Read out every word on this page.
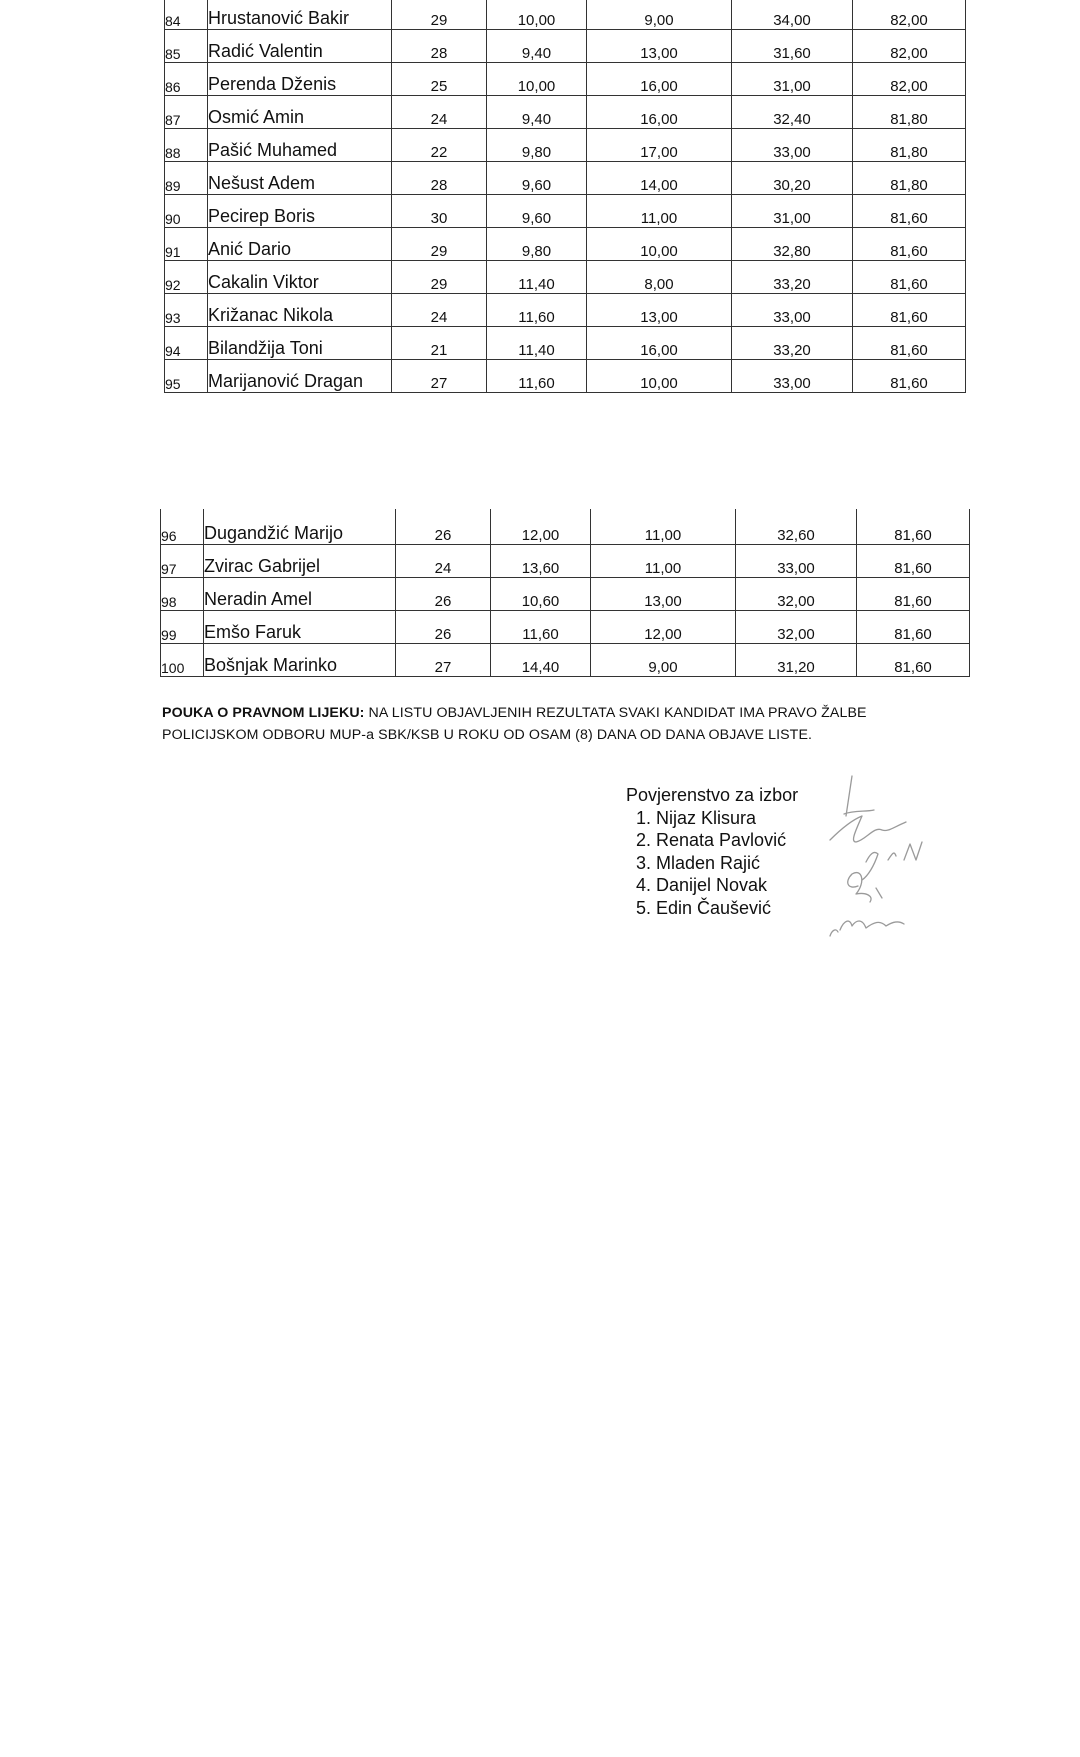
84	Hrustanović Bakir	29	10,00	9,00	34,00	82,00
85	Radić Valentin	28	9,40	13,00	31,60	82,00
86	Perenda Dženis	25	10,00	16,00	31,00	82,00
87	Osmić Amin	24	9,40	16,00	32,40	81,80
88	Pašić Muhamed	22	9,80	17,00	33,00	81,80
89	Nešust Adem	28	9,60	14,00	30,20	81,80
90	Pecirep Boris	30	9,60	11,00	31,00	81,60
91	Anić Dario	29	9,80	10,00	32,80	81,60
92	Cakalin Viktor	29	11,40	8,00	33,20	81,60
93	Križanac Nikola	24	11,60	13,00	33,00	81,60
94	Bilandžija Toni	21	11,40	16,00	33,20	81,60
95	Marijanović Dragan	27	11,60	10,00	33,00	81,60
96	Dugandžić Marijo	26	12,00	11,00	32,60	81,60
97	Zvirac Gabrijel	24	13,60	11,00	33,00	81,60
98	Neradin Amel	26	10,60	13,00	32,00	81,60
99	Emšo Faruk	26	11,60	12,00	32,00	81,60
100	Bošnjak Marinko	27	14,40	9,00	31,20	81,60
POUKA O PRAVNOM LIJEKU: NA LISTU OBJAVLJENIH REZULTATA SVAKI KANDIDAT IMA PRAVO ŽALBE POLICIJSKOM ODBORU MUP-a SBK/KSB U ROKU OD OSAM (8) DANA OD DANA OBJAVE LISTE.
Povjerenstvo za izbor
1. Nijaz Klisura
2. Renata Pavlović
3. Mladen Rajić
4. Danijel Novak
5. Edin Čaušević
